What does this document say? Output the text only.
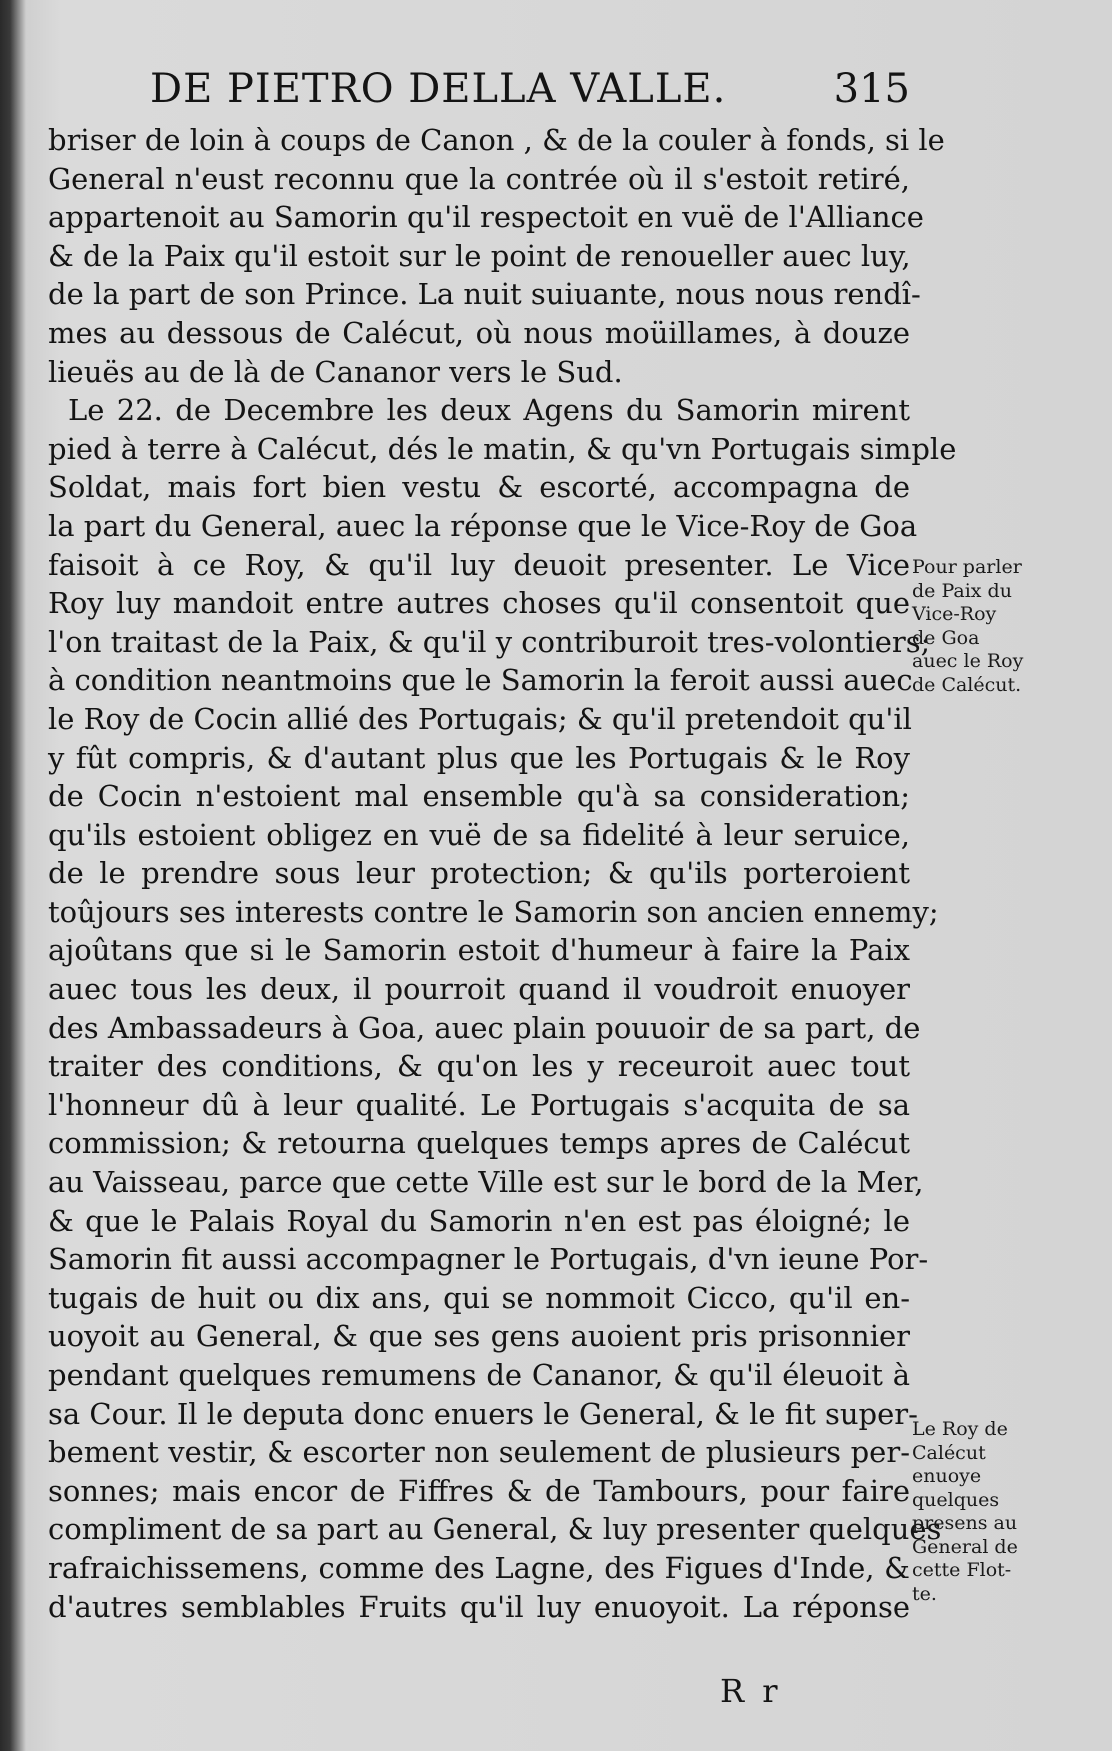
DE PIETRO DELLA VALLE.	315
briser de loin à coups de Canon , & de la couler à fonds, si le
General n'eust reconnu que la contrée où il s'estoit retiré,
appartenoit au Samorin qu'il respectoit en vuë de l'Alliance
& de la Paix qu'il estoit sur le point de renoueller auec luy,
de la part de son Prince. La nuit suiuante, nous nous rendî-
mes au dessous de Calécut, où nous moüillames, à douze
lieuës au de là de Cananor vers le Sud.
Le 22. de Decembre les deux Agens du Samorin mirent
pied à terre à Calécut, dés le matin, & qu'vn Portugais simple
Soldat, mais fort bien vestu & escorté, accompagna de
la part du General, auec la réponse que le Vice-Roy de Goa
faisoit à ce Roy, & qu'il luy deuoit presenter. Le Vice
Roy luy mandoit entre autres choses qu'il consentoit que
l'on traitast de la Paix, & qu'il y contriburoit tres-volontiers;
à condition neantmoins que le Samorin la feroit aussi auec
le Roy de Cocin allié des Portugais; & qu'il pretendoit qu'il
y fût compris, & d'autant plus que les Portugais & le Roy
de Cocin n'estoient mal ensemble qu'à sa consideration;
qu'ils estoient obligez en vuë de sa fidelité à leur seruice,
de le prendre sous leur protection; & qu'ils porteroient
toûjours ses interests contre le Samorin son ancien ennemy;
ajoûtans que si le Samorin estoit d'humeur à faire la Paix
auec tous les deux, il pourroit quand il voudroit enuoyer
des Ambassadeurs à Goa, auec plain pouuoir de sa part, de
traiter des conditions, & qu'on les y receuroit auec tout
l'honneur dû à leur qualité. Le Portugais s'acquita de sa
commission; & retourna quelques temps apres de Calécut
au Vaisseau, parce que cette Ville est sur le bord de la Mer,
& que le Palais Royal du Samorin n'en est pas éloigné; le
Samorin fit aussi accompagner le Portugais, d'vn ieune Por-
tugais de huit ou dix ans, qui se nommoit Cicco, qu'il en-
uoyoit au General, & que ses gens auoient pris prisonnier
pendant quelques remumens de Cananor, & qu'il éleuoit à
sa Cour. Il le deputa donc enuers le General, & le fit super-
bement vestir, & escorter non seulement de plusieurs per-
sonnes; mais encor de Fiffres & de Tambours, pour faire
compliment de sa part au General, & luy presenter quelques
rafraichissemens, comme des Lagne, des Figues d'Inde, &
d'autres semblables Fruits qu'il luy enuoyoit. La réponse
Pour parler
de Paix du
Vice-Roy
de Goa
auec le Roy
de Calécut.
Le Roy de
Calécut
enuoye
quelques
presens au
General de
cette Flot-
te.
R r
